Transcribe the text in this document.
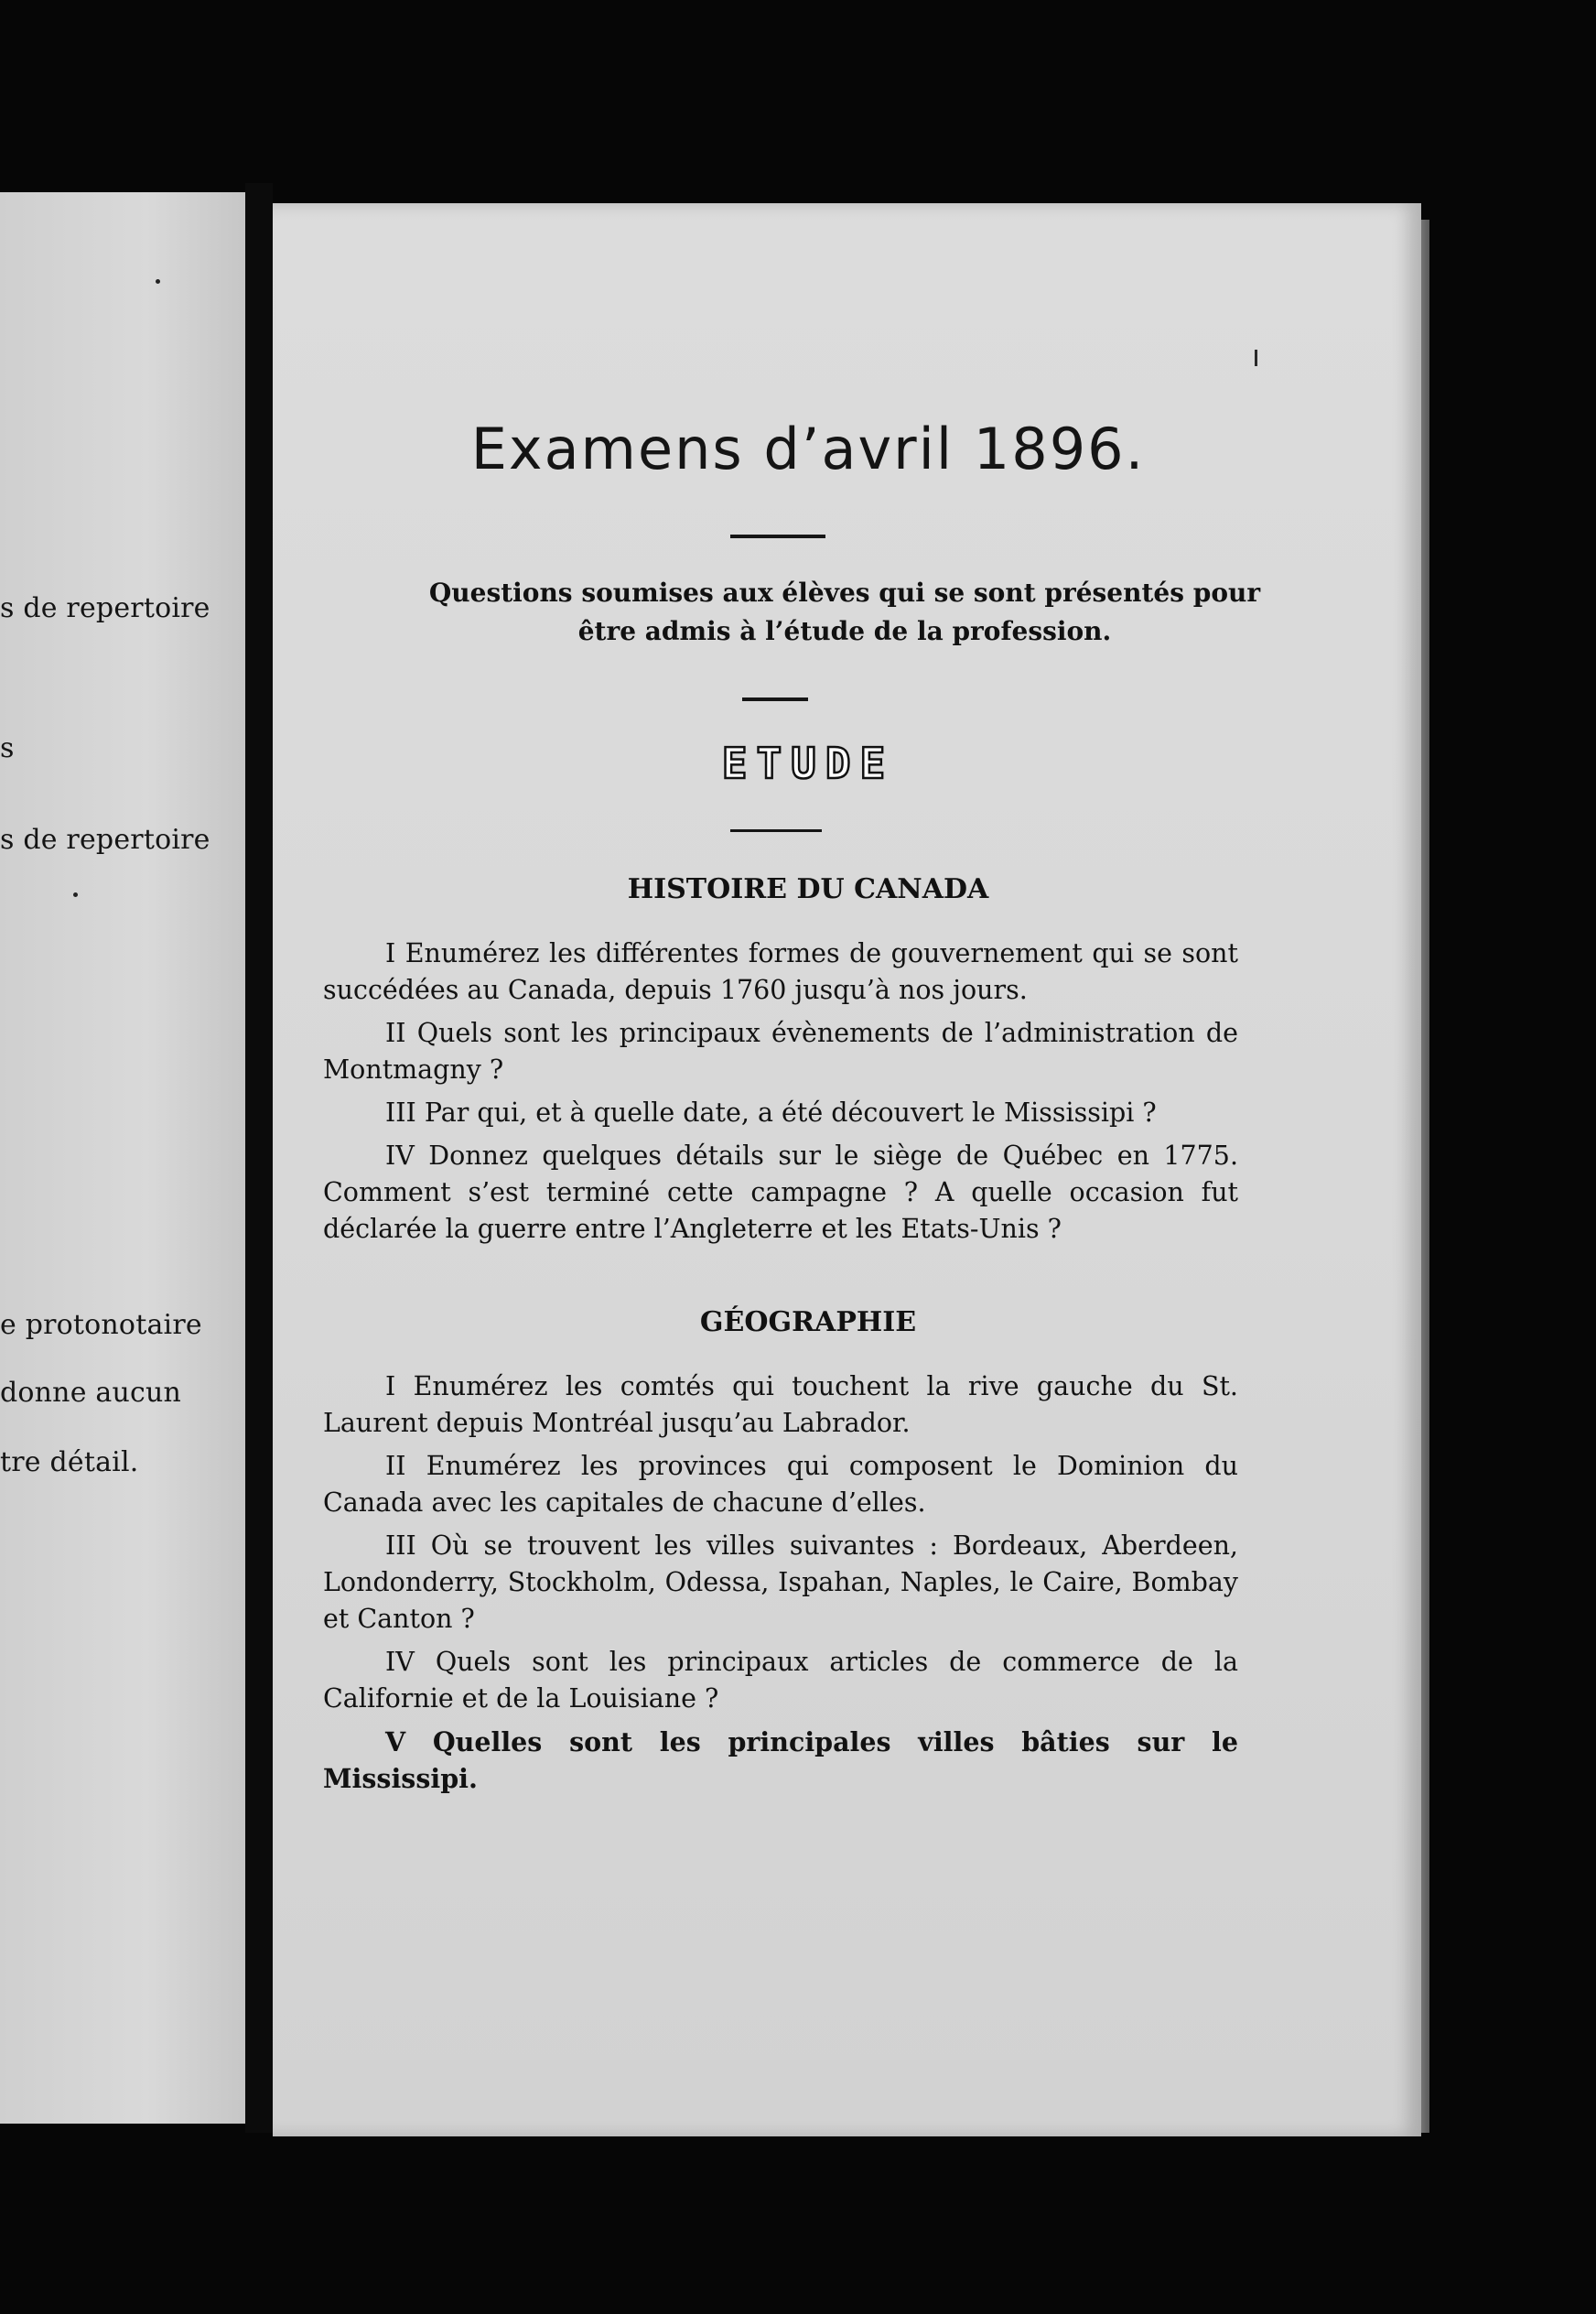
s de repertoire
s
s de repertoire
e protonotaire
donne aucun
tre détail.
Examens d’avril 1896.
Questions soumises aux élèves qui se sont présentés pour
être admis à l’étude de la profession.
ETUDE
HISTOIRE DU CANADA

I Enumérez les différentes formes de gouvernement qui se sont succédées au Canada, depuis 1760 jusqu’à nos jours.

II Quels sont les principaux évènements de l’administration de Montmagny ?

III Par qui, et à quelle date, a été découvert le Mississipi ?

IV Donnez quelques détails sur le siège de Québec en 1775. Comment s’est terminé cette campagne ? A quelle occasion fut déclarée la guerre entre l’Angleterre et les Etats-Unis ?

GÉOGRAPHIE

I Enumérez les comtés qui touchent la rive gauche du St. Laurent depuis Montréal jusqu’au Labrador.

II Enumérez les provinces qui composent le Dominion du Canada avec les capitales de chacune d’elles.

III Où se trouvent les villes suivantes : Bordeaux, Aberdeen, Londonderry, Stockholm, Odessa, Ispahan, Naples, le Caire, Bombay et Canton ?

IV Quels sont les principaux articles de commerce de la Californie et de la Louisiane ?

V Quelles sont les principales villes bâties sur le Mississipi.
